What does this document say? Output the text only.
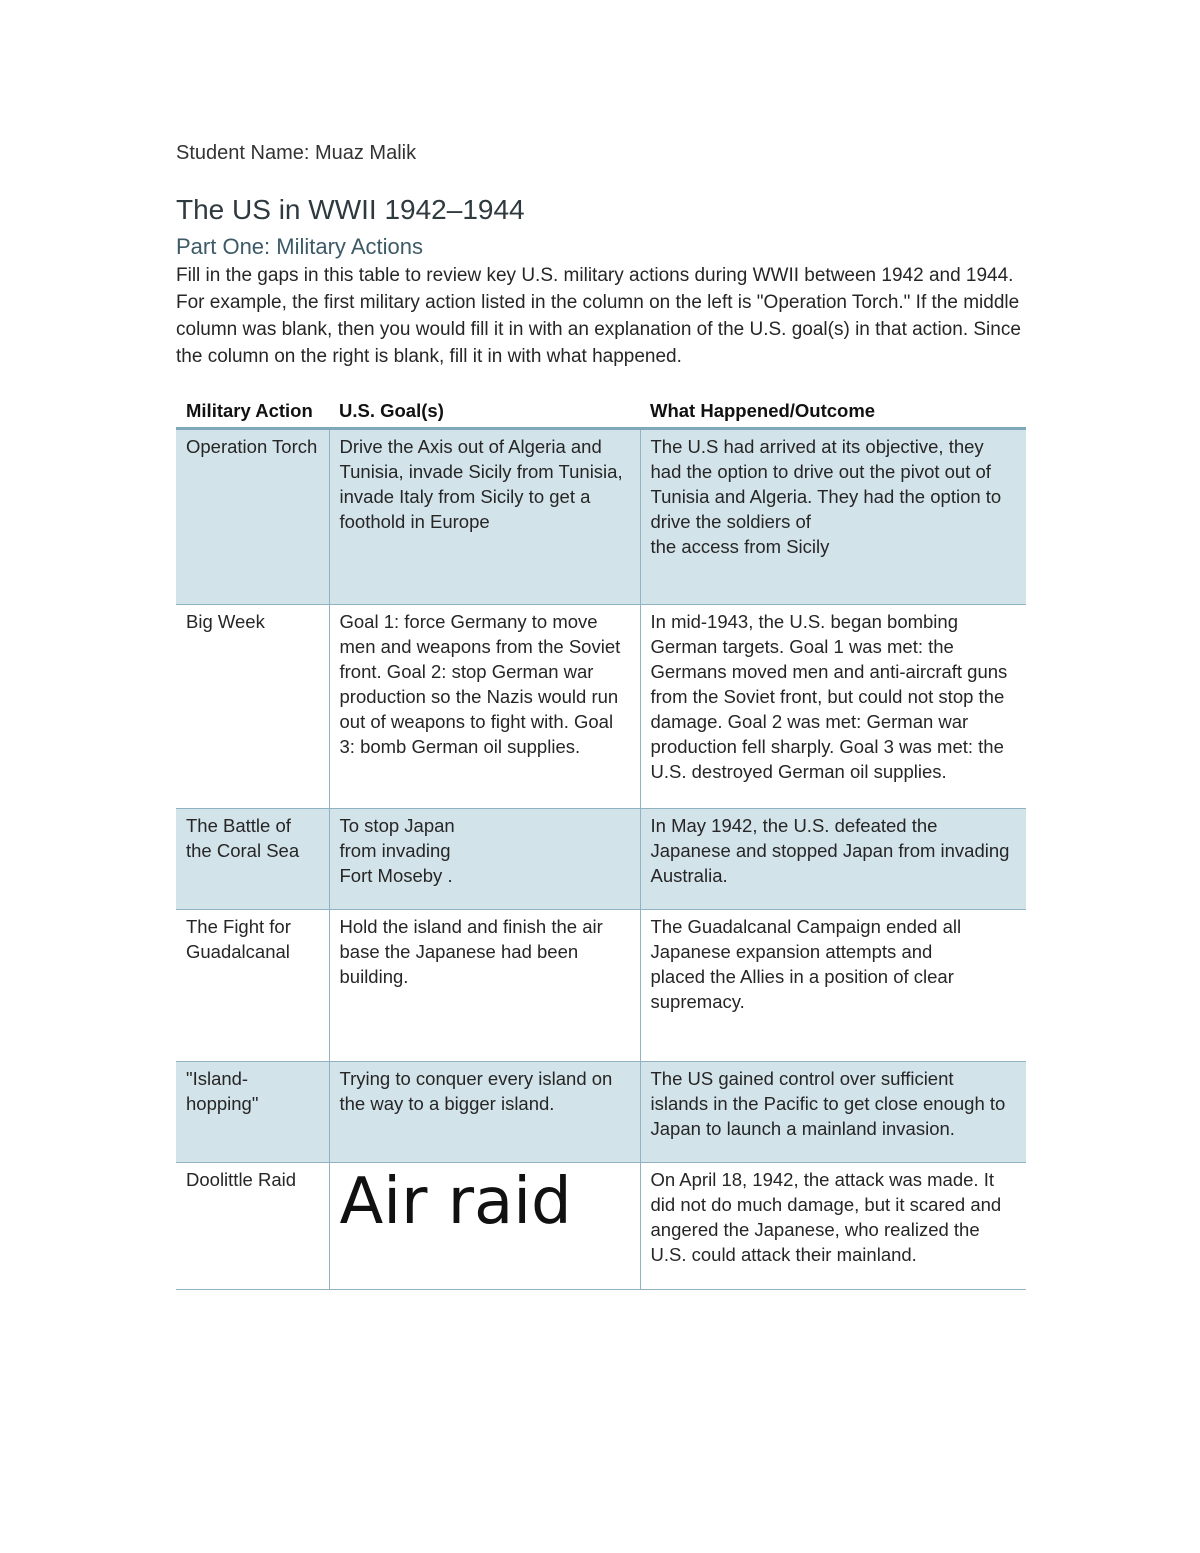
Student Name: Muaz Malik

The US in WWII 1942–1944
Part One: Military Actions

Fill in the gaps in this table to review key U.S. military actions during WWII between 1942 and 1944. For example, the first military action listed in the column on the left is "Operation Torch." If the middle column was blank, then you would fill it in with an explanation of the U.S. goal(s) in that action. Since the column on the right is blank, fill it in with what happened.

Military Action	U.S. Goal(s)	What Happened/Outcome
Operation Torch	Drive the Axis out of Algeria and Tunisia, invade Sicily from Tunisia, invade Italy from Sicily to get a foothold in Europe	The U.S had arrived at its objective, they had the option to drive out the pivot out of Tunisia and Algeria. They had the option to drive the soldiers of
the access from Sicily
Big Week	Goal 1: force Germany to move men and weapons from the Soviet front. Goal 2: stop German war production so the Nazis would run out of weapons to fight with. Goal 3: bomb German oil supplies.	In mid-1943, the U.S. began bombing German targets. Goal 1 was met: the Germans moved men and anti-aircraft guns from the Soviet front, but could not stop the damage. Goal 2 was met: German war production fell sharply. Goal 3 was met: the U.S. destroyed German oil supplies.
The Battle of the Coral Sea	To stop Japan
from invading
Fort Moseby .	In May 1942, the U.S. defeated the Japanese and stopped Japan from invading Australia.
The Fight for Guadalcanal	Hold the island and finish the air base the Japanese had been building.	The Guadalcanal Campaign ended all Japanese expansion attempts and
placed the Allies in a position of clear
supremacy.
"Island-hopping"	Trying to conquer every island on the way to a bigger island.	The US gained control over sufficient islands in the Pacific to get close enough to Japan to launch a mainland invasion.
Doolittle Raid	Air raid	On April 18, 1942, the attack was made. It did not do much damage, but it scared and angered the Japanese, who realized the U.S. could attack their mainland.
